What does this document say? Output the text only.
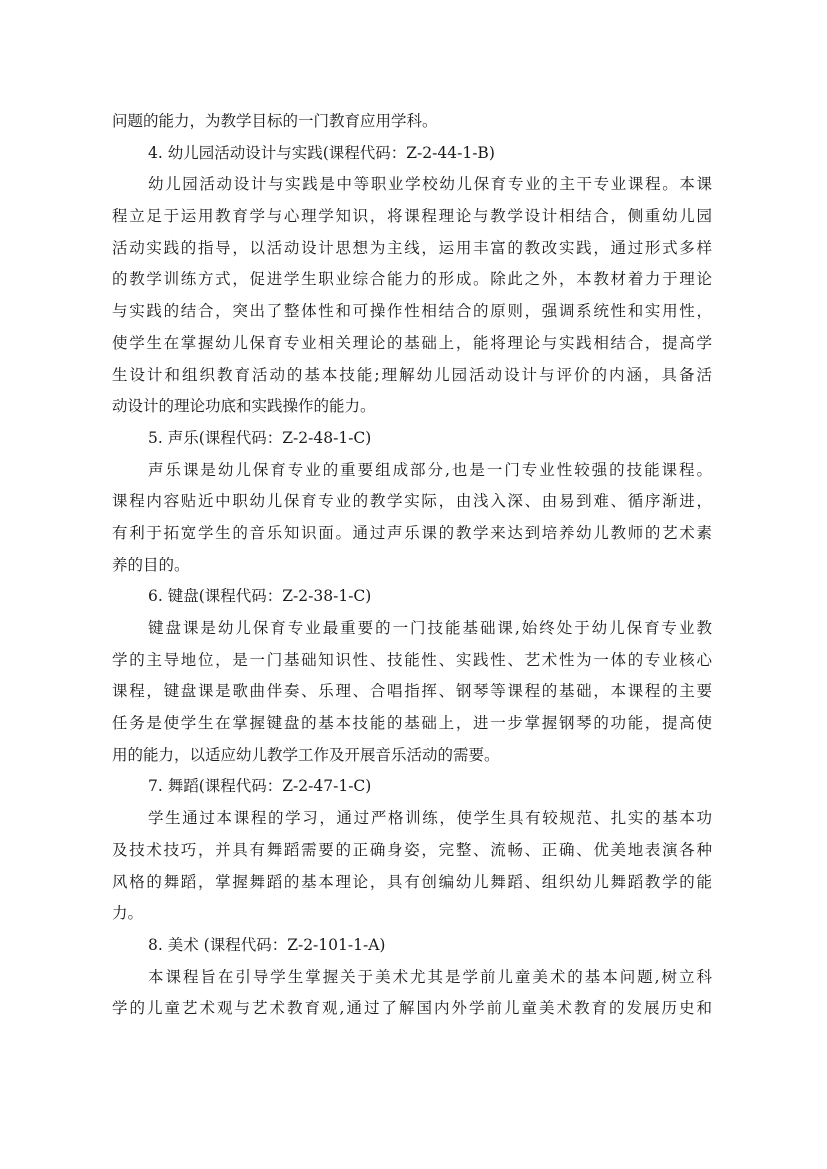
问题的能力，为教学目标的一门教育应用学科。
4. 幼儿园活动设计与实践(课程代码：Z-2-44-1-B)
幼儿园活动设计与实践是中等职业学校幼儿保育专业的主干专业课程。本课
程立足于运用教育学与心理学知识，将课程理论与教学设计相结合，侧重幼儿园
活动实践的指导，以活动设计思想为主线，运用丰富的教改实践，通过形式多样
的教学训练方式，促进学生职业综合能力的形成。除此之外，本教材着力于理论
与实践的结合，突出了整体性和可操作性相结合的原则，强调系统性和实用性，
使学生在掌握幼儿保育专业相关理论的基础上，能将理论与实践相结合，提高学
生设计和组织教育活动的基本技能;理解幼儿园活动设计与评价的内涵，具备活
动设计的理论功底和实践操作的能力。
5. 声乐(课程代码：Z-2-48-1-C)
声乐课是幼儿保育专业的重要组成部分,也是一门专业性较强的技能课程。
课程内容贴近中职幼儿保育专业的教学实际，由浅入深、由易到难、循序渐进，
有利于拓宽学生的音乐知识面。通过声乐课的教学来达到培养幼儿教师的艺术素
养的目的。
6. 键盘(课程代码：Z-2-38-1-C)
键盘课是幼儿保育专业最重要的一门技能基础课,始终处于幼儿保育专业教
学的主导地位，是一门基础知识性、技能性、实践性、艺术性为一体的专业核心
课程，键盘课是歌曲伴奏、乐理、合唱指挥、钢琴等课程的基础，本课程的主要
任务是使学生在掌握键盘的基本技能的基础上，进一步掌握钢琴的功能，提高使
用的能力，以适应幼儿教学工作及开展音乐活动的需要。
7. 舞蹈(课程代码：Z-2-47-1-C)
学生通过本课程的学习，通过严格训练，使学生具有较规范、扎实的基本功
及技术技巧，并具有舞蹈需要的正确身姿，完整、流畅、正确、优美地表演各种
风格的舞蹈，掌握舞蹈的基本理论，具有创编幼儿舞蹈、组织幼儿舞蹈教学的能
力。
8. 美术 (课程代码：Z-2-101-1-A)
本课程旨在引导学生掌握关于美术尤其是学前儿童美术的基本问题,树立科
学的儿童艺术观与艺术教育观,通过了解国内外学前儿童美术教育的发展历史和
